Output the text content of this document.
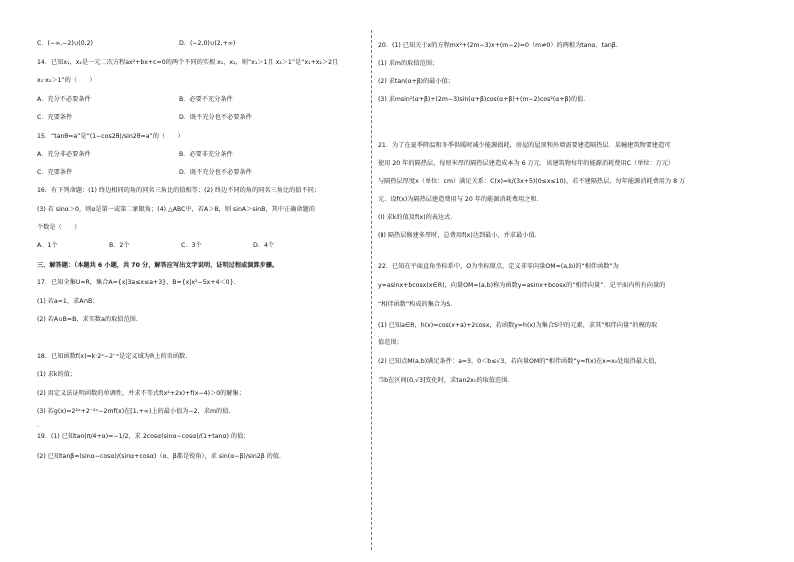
C．(−∞,−2)∪(0,2)	D．(−2,0)∪(2,+∞)
14．已知x₁，x₂是一元二次方程ax²+bx+c=0的两个不同的实根 x₁，x₂，则“x₁＞1且 x₂＞1”是“x₁+x₂＞2且
x₁·x₂＞1”的（　　）
A．充分不必要条件	B．必要不充分条件
C．充要条件	D．既不充分也不必要条件
15．“tanθ=a”是“(1−cos2θ)/sin2θ=a”的（　　）
A．充分非必要条件	B．必要非充分条件
C．充要条件	D．既不充分也不必要条件
16．有下列命题：(1) 终边相同的角的同名三角比的值相等；(2) 终边不同的角的同名三角比的值不同；
(3) 若 sinα＞0，则α是第一或第二象限角；(4) △ABC中，若A＞B，则 sinA＞sinB，其中正确命题的
个数是（　　）
A．1个	B．2个	C．3个	D．4个
三、解答题：（本题共 6 小题，共 70 分，解答应写出文字说明、证明过程或演算步骤。
17．已知全集U=R，集合A={x|3a≤x≤a+3}，B={x|x²−5x+4＜0}.
(1) 若a=1，求A∩B；
(2) 若A∪B=B，求实数a的取值范围.
18．已知函数f(x)=k·2ˣ−2⁻ˣ是定义域为R上的奇函数.
(1) 求k的值；
(2) 用定义法证明函数的单调性，并求不等式f(x²+2x)+f(x−4)＞0的解集；
(3) 若g(x)=2²ˣ+2⁻²ˣ−2mf(x)在[1,+∞)上的最小值为−2，求m的值.
·
19．(1) 已知tan(π/4+α)=−1/2，求 2cosα(sinα−cosα)/(1+tanα) 的值；
(2) 已知tanβ=(sinα−cosα)/(sinα+cosα)（α、β都是锐角），求 sin(α−β)/sin2β 的值.
20．(1) 已知关于x的方程mx²+(2m−3)x+(m−2)=0（m≠0）的两根为tanα、tanβ.
(1) 求m的取值范围；
(2) 求tan(α+β)的最小值；
(3) 求msin²(α+β)+(2m−3)sin(α+β)cos(α+β)+(m−2)cos²(α+β)的值.
21．为了在夏季降温和冬季供暖时减少能源损耗，房屋的屋顶和外墙需要建造隔热层．某幢建筑物要建造可
使用 20 年的隔热层，每厘米厚的隔热层建造成本为 6 万元．该建筑物每年的能源消耗费用C（单位：万元）
与隔热层厚度x（单位：cm）满足关系：C(x)=k/(3x+5)(0≤x≤10)，若不建隔热层，每年能源消耗费用为 8 万
元．设f(x)为隔热层建造费用与 20 年的能源消耗费用之和.
(Ⅰ) 求k的值及f(x)的表达式.
(Ⅱ) 隔热层修建多厚时，总费用f(x)达到最小，并求最小值.
22．已知在平面直角坐标系中，O为坐标原点，定义非零向量OM=(a,b)的“相伴函数”为
y=asinx+bcosx(x∈R)，向量OM=(a,b)称为函数y=asinx+bcosx的“相伴向量”．记平面内所有向量的
“相伴函数”构成的集合为S.
(1) 已知a∈R，h(x)=cos(x+a)+2cosx，若函数y=h(x)为集合S中的元素，求其“相伴向量”的模的取
值范围；
(2) 已知点M(a,b)满足条件：a=3，0＜b≤√3，若向量OM的“相伴函数”y=f(x)在x=x₀处取得最大值，
当b在区间(0,√3]变化时，求tan2x₀的取值范围.
